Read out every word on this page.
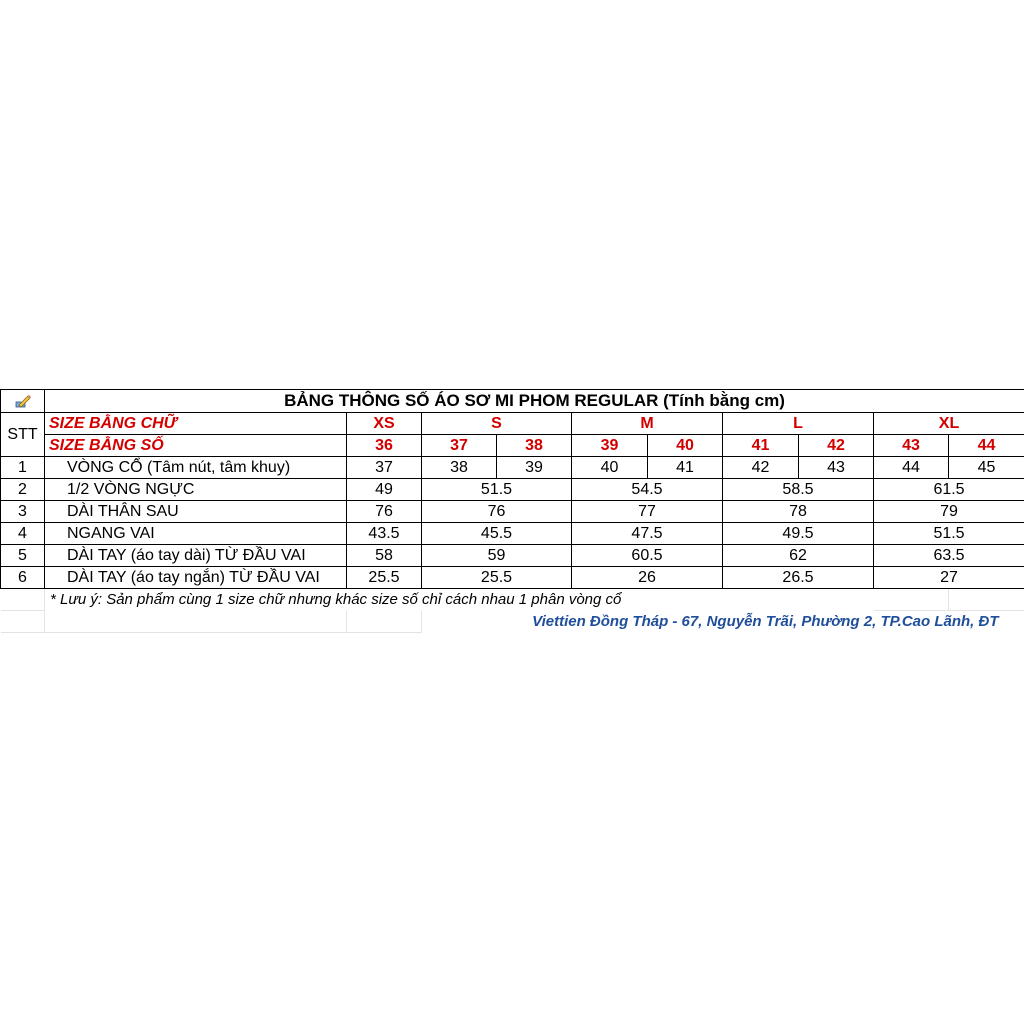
	BẢNG THÔNG SỐ ÁO SƠ MI PHOM REGULAR (Tính bằng cm)									
STT	SIZE BẰNG CHỮ	XS	S		M		L		XL	
	SIZE BẰNG SỐ	36	37	38	39	40	41	42	43	44
1	VÒNG CỔ (Tâm nút, tâm khuy)	37	38	39	40	41	42	43	44	45
2	1/2 VÒNG NGỰC	49	51.5		54.5		58.5		61.5	
3	DÀI THÂN SAU	76	76		77		78		79	
4	NGANG VAI	43.5	45.5		47.5		49.5		51.5	
5	DÀI TAY (áo tay dài) TỪ ĐẦU VAI	58	59		60.5		62		63.5	
6	DÀI TAY (áo tay ngắn) TỪ ĐẦU VAI	25.5	25.5		26		26.5		27	
	* Lưu ý: Sản phẩm cùng 1 size chữ nhưng khác size số chỉ cách nhau 1 phân vòng cổ									
			Viettien Đồng Tháp - 67, Nguyễn Trãi, Phường 2, TP.Cao Lãnh, ĐT							
